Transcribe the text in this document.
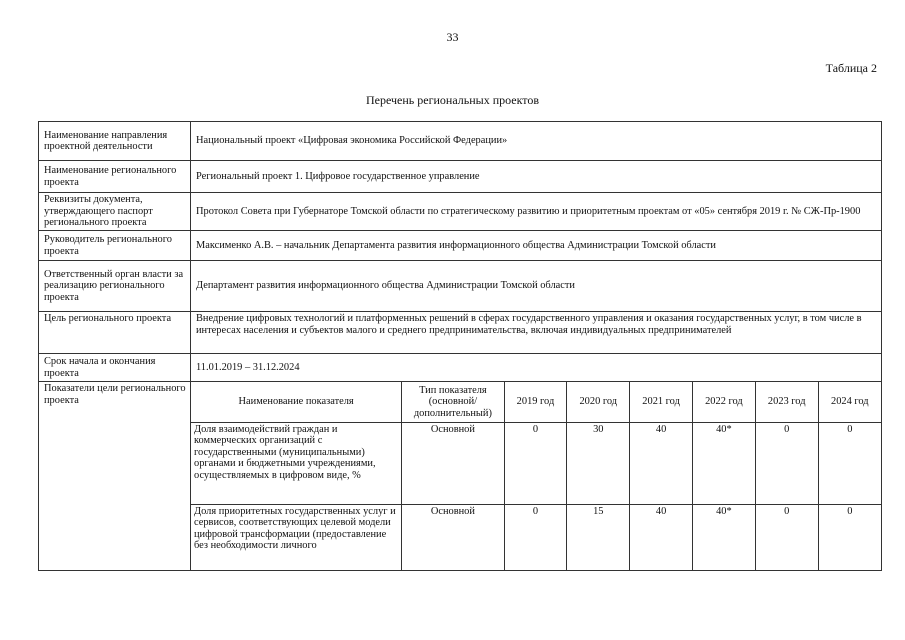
33
Таблица 2
Перечень региональных проектов
Наименование направления проектной деятельности	Национальный проект «Цифровая экономика Российской Федерации»
Наименование регионального проекта	Региональный проект 1. Цифровое государственное управление
Реквизиты документа, утверждающего паспорт регионального проекта	Протокол Совета при Губернаторе Томской области по стратегическому развитию и приоритетным проектам от «05» сентября 2019 г. № СЖ-Пр-1900
Руководитель регионального проекта	Максименко А.В. – начальник Департамента развития информационного общества Администрации Томской области
Ответственный орган власти за реализацию регионального проекта	Департамент развития информационного общества Администрации Томской области
Цель регионального проекта	Внедрение цифровых технологий и платформенных решений в сферах государственного управления и оказания государственных услуг, в том числе в интересах населения и субъектов малого и среднего предпринимательства, включая индивидуальных предпринимателей
Срок начала и окончания проекта	11.01.2019 – 31.12.2024
Показатели цели регионального проекта		Наименование показателя	Тип показателя (основной/ дополнительный)	2019 год	2020 год	2021 год	2022 год	2023 год	2024 год
Доля взаимодействий граждан и коммерческих организаций с государственными (муниципальными) органами и бюджетными учреждениями, осуществляемых в цифровом виде, %	Основной	0	30	40	40*	0	0
Доля приоритетных государственных услуг и сервисов, соответствующих целевой модели цифровой трансформации (предоставление без необходимости личного	Основной	0	15	40	40*	0	0
